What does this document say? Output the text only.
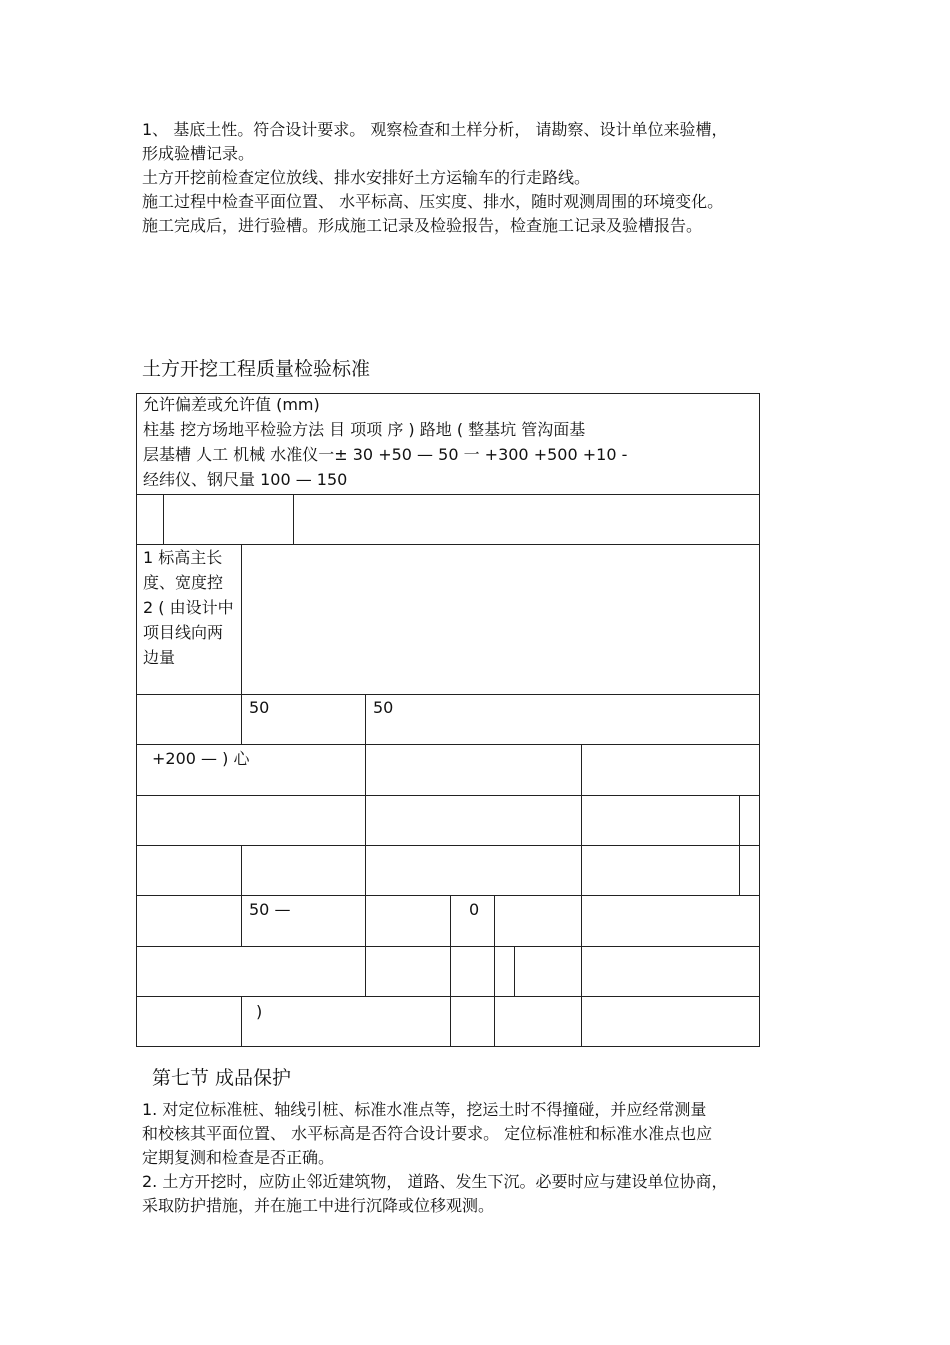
1、 基底土性。符合设计要求。 观察检查和土样分析， 请勘察、设计单位来验槽，
形成验槽记录。
土方开挖前检查定位放线、排水安排好土方运输车的行走路线。
施工过程中检查平面位置、 水平标高、压实度、排水，随时观测周围的环境变化。
施工完成后，进行验槽。形成施工记录及检验报告，检查施工记录及验槽报告。
土方开挖工程质量检验标准
允许偏差或允许值 (mm)
柱基 挖方场地平检验方法 目 项项 序 ) 路地 ( 整基坑 管沟面基
层基槽 人工 机械 水准仪一± 30 +50 — 50 一 +300 +500 +10 -
经纬仪、钢尺量 100 — 150
1 标高主长度、宽度控 2 ( 由设计中项目线向两边量
50	50
+200 — ) 心
50 —	0
)
第七节 成品保护
1. 对定位标准桩、轴线引桩、标准水准点等，挖运土时不得撞碰，并应经常测量
和校核其平面位置、 水平标高是否符合设计要求。 定位标准桩和标准水准点也应
定期复测和检查是否正确。
2. 土方开挖时，应防止邻近建筑物， 道路、发生下沉。必要时应与建设单位协商，
采取防护措施，并在施工中进行沉降或位移观测。
